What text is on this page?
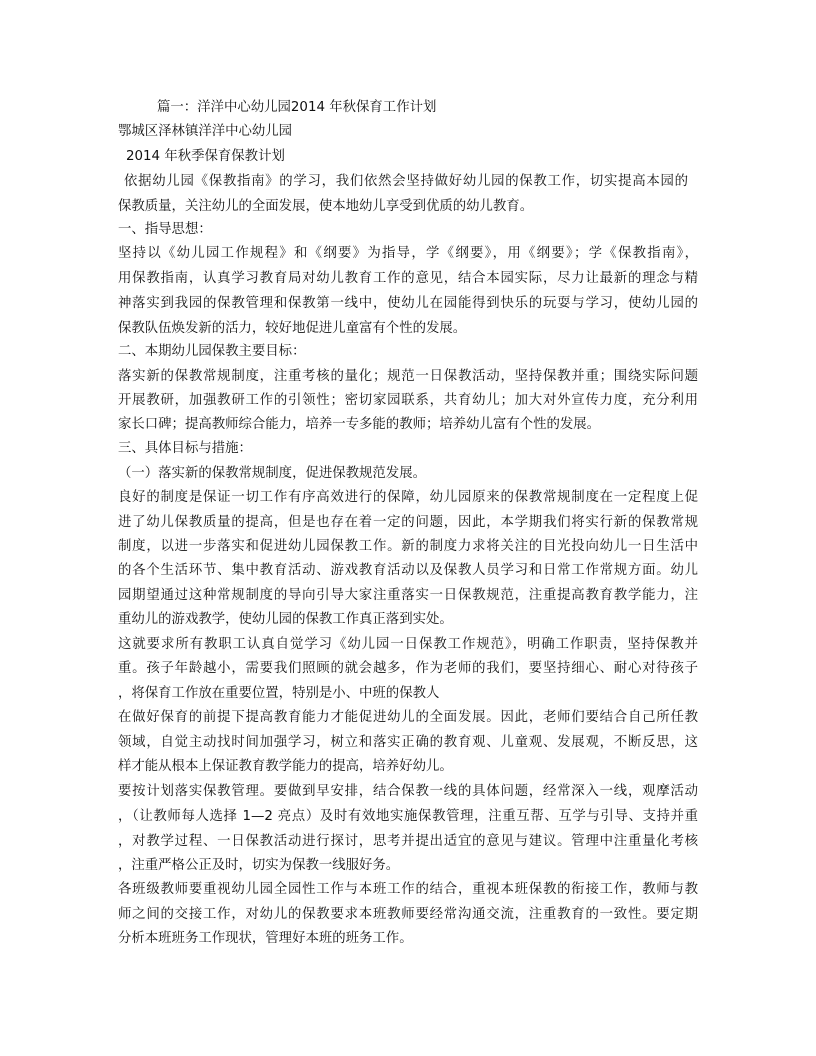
篇一：洋洋中心幼儿园2014 年秋保育工作计划
鄂城区泽林镇洋洋中心幼儿园
2014 年秋季保育保教计划
依据幼儿园《保教指南》的学习，我们依然会坚持做好幼儿园的保教工作，切实提高本园的
保教质量，关注幼儿的全面发展，使本地幼儿享受到优质的幼儿教育。
一、指导思想：
坚持以《幼儿园工作规程》和《纲要》为指导，学《纲要》，用《纲要》；学《保教指南》，
用保教指南，认真学习教育局对幼儿教育工作的意见，结合本园实际，尽力让最新的理念与精
神落实到我园的保教管理和保教第一线中，使幼儿在园能得到快乐的玩耍与学习，使幼儿园的
保教队伍焕发新的活力，较好地促进儿童富有个性的发展。
二、本期幼儿园保教主要目标：
落实新的保教常规制度，注重考核的量化；规范一日保教活动，坚持保教并重；围绕实际问题
开展教研，加强教研工作的引领性；密切家园联系，共育幼儿；加大对外宣传力度，充分利用
家长口碑；提高教师综合能力，培养一专多能的教师；培养幼儿富有个性的发展。
三、具体目标与措施：
（一）落实新的保教常规制度，促进保教规范发展。
良好的制度是保证一切工作有序高效进行的保障，幼儿园原来的保教常规制度在一定程度上促
进了幼儿保教质量的提高，但是也存在着一定的问题，因此，本学期我们将实行新的保教常规
制度，以进一步落实和促进幼儿园保教工作。新的制度力求将关注的目光投向幼儿一日生活中
的各个生活环节、集中教育活动、游戏教育活动以及保教人员学习和日常工作常规方面。幼儿
园期望通过这种常规制度的导向引导大家注重落实一日保教规范，注重提高教育教学能力，注
重幼儿的游戏教学，使幼儿园的保教工作真正落到实处。
这就要求所有教职工认真自觉学习《幼儿园一日保教工作规范》，明确工作职责，坚持保教并
重。孩子年龄越小，需要我们照顾的就会越多，作为老师的我们，要坚持细心、耐心对待孩子
，将保育工作放在重要位置，特别是小、中班的保教人
在做好保育的前提下提高教育能力才能促进幼儿的全面发展。因此，老师们要结合自己所任教
领域，自觉主动找时间加强学习，树立和落实正确的教育观、儿童观、发展观，不断反思，这
样才能从根本上保证教育教学能力的提高，培养好幼儿。
要按计划落实保教管理。要做到早安排，结合保教一线的具体问题，经常深入一线，观摩活动
，（让教师每人选择 1—2 亮点）及时有效地实施保教管理，注重互帮、互学与引导、支持并重
，对教学过程、一日保教活动进行探讨，思考并提出适宜的意见与建议。管理中注重量化考核
，注重严格公正及时，切实为保教一线服好务。
各班级教师要重视幼儿园全园性工作与本班工作的结合，重视本班保教的衔接工作，教师与教
师之间的交接工作，对幼儿的保教要求本班教师要经常沟通交流，注重教育的一致性。要定期
分析本班班务工作现状，管理好本班的班务工作。
